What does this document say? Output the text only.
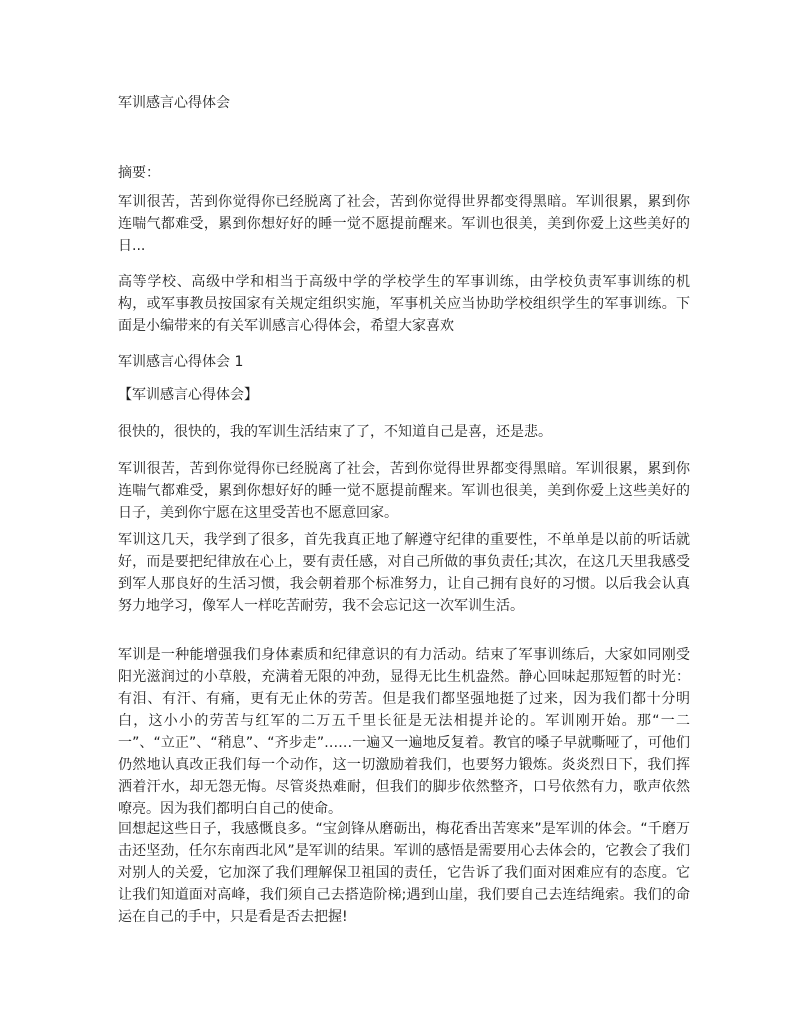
军训感言心得体会
摘要：
军训很苦，苦到你觉得你已经脱离了社会，苦到你觉得世界都变得黑暗。军训很累，累到你连喘气都难受，累到你想好好的睡一觉不愿提前醒来。军训也很美，美到你爱上这些美好的日...
高等学校、高级中学和相当于高级中学的学校学生的军事训练，由学校负责军事训练的机构，或军事教员按国家有关规定组织实施，军事机关应当协助学校组织学生的军事训练。下面是小编带来的有关军训感言心得体会，希望大家喜欢
军训感言心得体会 1
【军训感言心得体会】
很快的，很快的，我的军训生活结束了了，不知道自己是喜，还是悲。
军训很苦，苦到你觉得你已经脱离了社会，苦到你觉得世界都变得黑暗。军训很累，累到你连喘气都难受，累到你想好好的睡一觉不愿提前醒来。军训也很美，美到你爱上这些美好的日子，美到你宁愿在这里受苦也不愿意回家。
军训这几天，我学到了很多，首先我真正地了解遵守纪律的重要性，不单单是以前的听话就好，而是要把纪律放在心上，要有责任感，对自己所做的事负责任;其次，在这几天里我感受到军人那良好的生活习惯，我会朝着那个标准努力，让自己拥有良好的习惯。以后我会认真努力地学习，像军人一样吃苦耐劳，我不会忘记这一次军训生活。
军训是一种能增强我们身体素质和纪律意识的有力活动。结束了军事训练后，大家如同刚受阳光滋润过的小草般，充满着无限的冲劲，显得无比生机盎然。静心回味起那短暂的时光：有泪、有汗、有痛，更有无止休的劳苦。但是我们都坚强地挺了过来，因为我们都十分明白，这小小的劳苦与红军的二万五千里长征是无法相提并论的。军训刚开始。那“一二一”、“立正”、“稍息”、“齐步走”……一遍又一遍地反复着。教官的嗓子早就嘶哑了，可他们仍然地认真改正我们每一个动作，这一切激励着我们，也要努力锻炼。炎炎烈日下，我们挥洒着汗水，却无怨无悔。尽管炎热难耐，但我们的脚步依然整齐，口号依然有力，歌声依然嘹亮。因为我们都明白自己的使命。
回想起这些日子，我感慨良多。“宝剑锋从磨砺出，梅花香出苦寒来”是军训的体会。“千磨万击还坚劲，任尔东南西北风”是军训的结果。军训的感悟是需要用心去体会的，它教会了我们对别人的关爱，它加深了我们理解保卫祖国的责任，它告诉了我们面对困难应有的态度。它让我们知道面对高峰，我们须自己去搭造阶梯;遇到山崖，我们要自己去连结绳索。我们的命运在自己的手中，只是看是否去把握!
